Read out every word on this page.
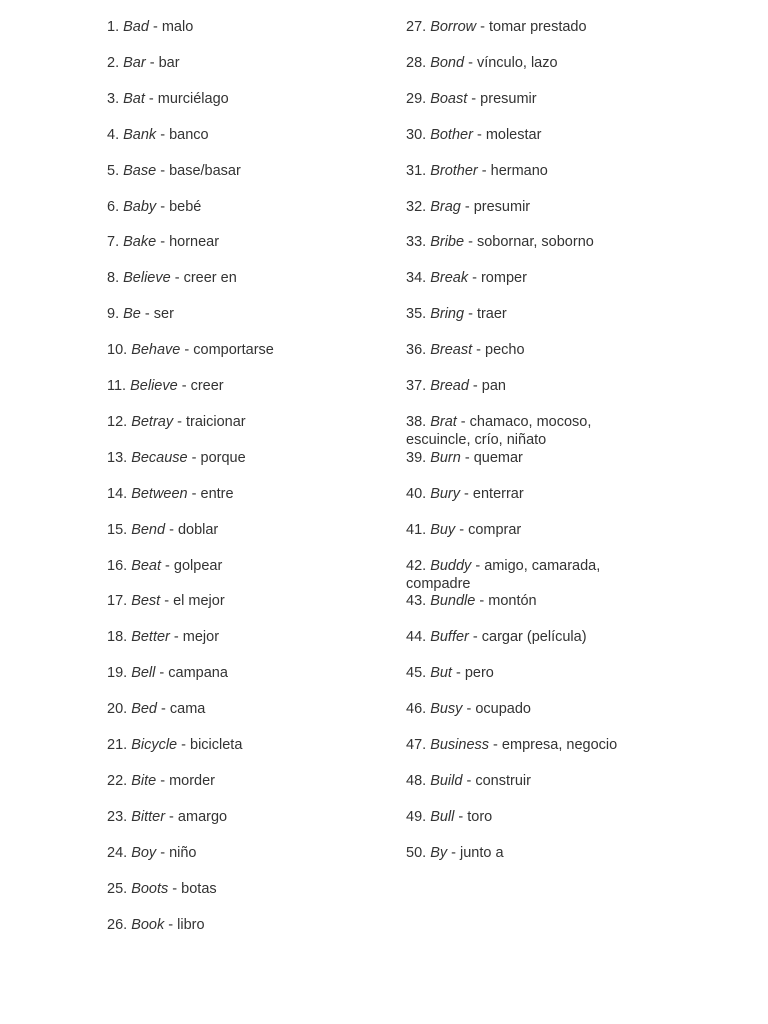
1. Bad - malo
2. Bar - bar
3. Bat - murciélago
4. Bank - banco
5. Base - base/basar
6. Baby - bebé
7. Bake - hornear
8. Believe - creer en
9. Be - ser
10. Behave - comportarse
11. Believe - creer
12. Betray - traicionar
13. Because - porque
14. Between - entre
15. Bend - doblar
16. Beat - golpear
17. Best - el mejor
18. Better - mejor
19. Bell - campana
20. Bed - cama
21. Bicycle - bicicleta
22. Bite - morder
23. Bitter - amargo
24. Boy - niño
25. Boots - botas
26. Book - libro
27. Borrow - tomar prestado
28. Bond - vínculo, lazo
29. Boast - presumir
30. Bother - molestar
31. Brother - hermano
32. Brag - presumir
33. Bribe - sobornar, soborno
34. Break - romper
35. Bring - traer
36. Breast - pecho
37. Bread - pan
38. Brat - chamaco, mocoso, escuincle, crío, niñato
39. Burn - quemar
40. Bury - enterrar
41. Buy - comprar
42. Buddy - amigo, camarada, compadre
43. Bundle - montón
44. Buffer - cargar (película)
45. But - pero
46. Busy - ocupado
47. Business - empresa, negocio
48. Build - construir
49. Bull - toro
50. By - junto a
